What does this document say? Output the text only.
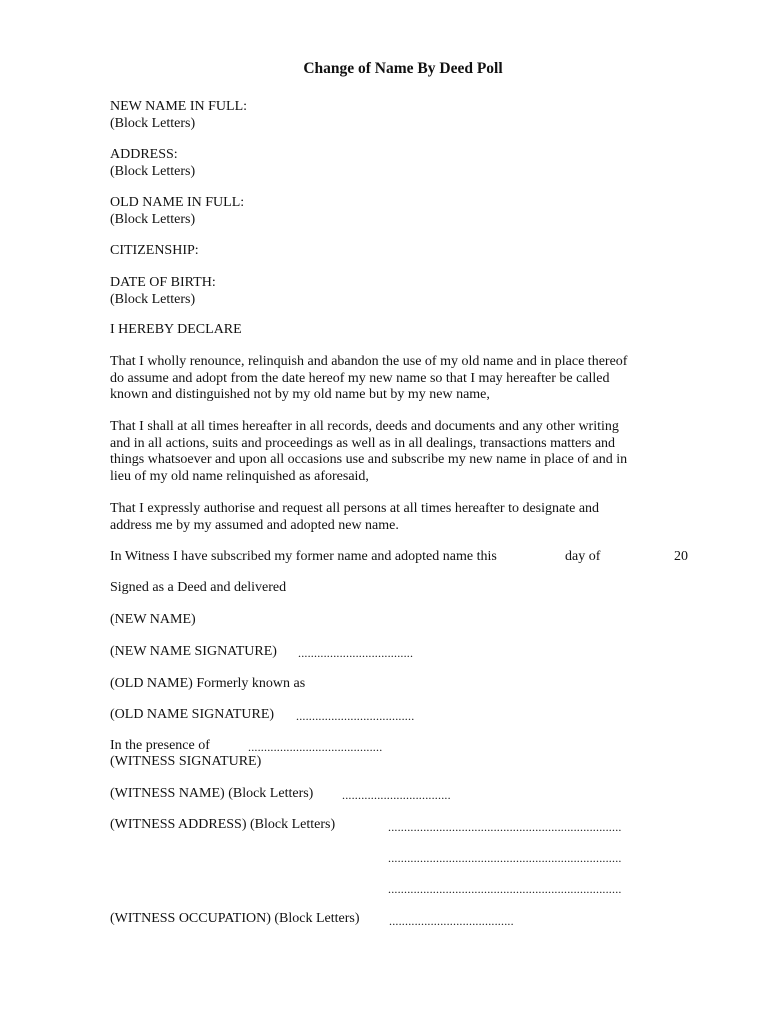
Change of Name By Deed Poll
NEW NAME IN FULL:
(Block Letters)
ADDRESS:
(Block Letters)
OLD NAME IN FULL:
(Block Letters)
CITIZENSHIP:
DATE OF BIRTH:
(Block Letters)
I HEREBY DECLARE
That I wholly renounce, relinquish and abandon the use of my old name and in place thereof
do assume and adopt from the date hereof my new name so that I may hereafter be called
known and distinguished not by my old name but by my new name,
That I shall at all times hereafter in all records, deeds and documents and any other writing
and in all actions, suits and proceedings as well as in all dealings, transactions matters and
things whatsoever and upon all occasions use and subscribe my new name in place of and in
lieu of my old name relinquished as aforesaid,
That I expressly authorise and request all persons at all times hereafter to designate and
address me by my assumed and adopted new name.
In Witness I have subscribed my former name and adopted name this	day of	20
Signed as a Deed and delivered
(NEW NAME)
(NEW NAME SIGNATURE) ....................................
(OLD NAME) Formerly known as
(OLD NAME SIGNATURE) .....................................
In the presence of	..........................................
(WITNESS SIGNATURE)
(WITNESS NAME) (Block Letters) ..................................
(WITNESS ADDRESS) (Block Letters)	.........................................................................
.........................................................................
.........................................................................
(WITNESS OCCUPATION) (Block Letters) .......................................
